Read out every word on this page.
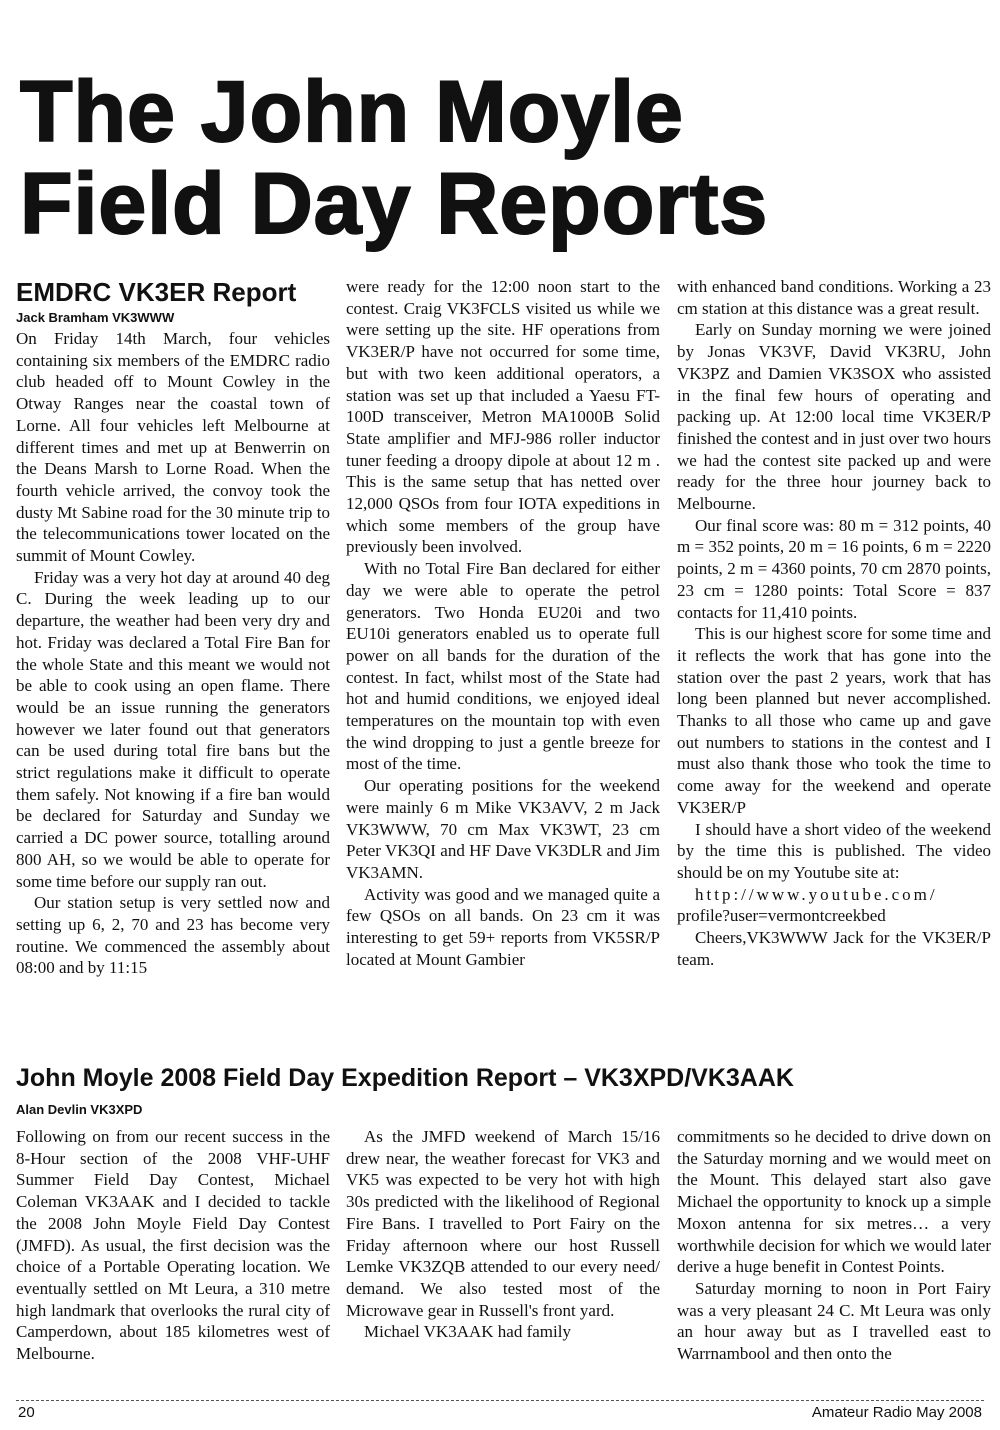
The John Moyle
Field Day Reports
EMDRC VK3ER Report
Jack Bramham VK3WWW

On Friday 14th March, four vehicles containing six members of the EMDRC radio club headed off to Mount Cowley in the Otway Ranges near the coastal town of Lorne. All four vehicles left Melbourne at different times and met up at Benwerrin on the Deans Marsh to Lorne Road. When the fourth vehicle arrived, the convoy took the dusty Mt Sabine road for the 30 minute trip to the telecommunications tower located on the summit of Mount Cowley.

Friday was a very hot day at around 40 deg C. During the week leading up to our departure, the weather had been very dry and hot. Friday was declared a Total Fire Ban for the whole State and this meant we would not be able to cook using an open flame. There would be an issue running the generators however we later found out that generators can be used during total fire bans but the strict regulations make it difficult to operate them safely. Not knowing if a fire ban would be declared for Saturday and Sunday we carried a DC power source, totalling around 800 AH, so we would be able to operate for some time before our supply ran out.

Our station setup is very settled now and setting up 6, 2, 70 and 23 has become very routine. We commenced the assembly about 08:00 and by 11:15

were ready for the 12:00 noon start to the contest. Craig VK3FCLS visited us while we were setting up the site. HF operations from VK3ER/P have not occurred for some time, but with two keen additional operators, a station was set up that included a Yaesu FT-100D transceiver, Metron MA1000B Solid State amplifier and MFJ-986 roller inductor tuner feeding a droopy dipole at about 12 m . This is the same setup that has netted over 12,000 QSOs from four IOTA expeditions in which some members of the group have previously been involved.

With no Total Fire Ban declared for either day we were able to operate the petrol generators. Two Honda EU20i and two EU10i generators enabled us to operate full power on all bands for the duration of the contest. In fact, whilst most of the State had hot and humid conditions, we enjoyed ideal temperatures on the mountain top with even the wind dropping to just a gentle breeze for most of the time.

Our operating positions for the weekend were mainly 6 m Mike VK3AVV, 2 m Jack VK3WWW, 70 cm Max VK3WT, 23 cm Peter VK3QI and HF Dave VK3DLR and Jim VK3AMN.

Activity was good and we managed quite a few QSOs on all bands. On 23 cm it was interesting to get 59+ reports from VK5SR/P located at Mount Gambier

with enhanced band conditions. Working a 23 cm station at this distance was a great result.

Early on Sunday morning we were joined by Jonas VK3VF, David VK3RU, John VK3PZ and Damien VK3SOX who assisted in the final few hours of operating and packing up. At 12:00 local time VK3ER/P finished the contest and in just over two hours we had the contest site packed up and were ready for the three hour journey back to Melbourne.

Our final score was: 80 m = 312 points, 40 m = 352 points, 20 m = 16 points, 6 m = 2220 points, 2 m = 4360 points, 70 cm 2870 points, 23 cm = 1280 points: Total Score = 837 contacts for 11,410 points.

This is our highest score for some time and it reflects the work that has gone into the station over the past 2 years, work that has long been planned but never accomplished. Thanks to all those who came up and gave out numbers to stations in the contest and I must also thank those who took the time to come away for the weekend and operate VK3ER/P

I should have a short video of the weekend by the time this is published. The video should be on my Youtube site at:

http://www.youtube.com/

profile?user=vermontcreekbed

Cheers,VK3WWW Jack for the VK3ER/P team.

John Moyle 2008 Field Day Expedition Report – VK3XPD/VK3AAK
Alan Devlin VK3XPD

Following on from our recent success in the 8-Hour section of the 2008 VHF-UHF Summer Field Day Contest, Michael Coleman VK3AAK and I decided to tackle the 2008 John Moyle Field Day Contest (JMFD). As usual, the first decision was the choice of a Portable Operating location. We eventually settled on Mt Leura, a 310 metre high landmark that overlooks the rural city of Camperdown, about 185 kilometres west of Melbourne.

As the JMFD weekend of March 15/16 drew near, the weather forecast for VK3 and VK5 was expected to be very hot with high 30s predicted with the likelihood of Regional Fire Bans. I travelled to Port Fairy on the Friday afternoon where our host Russell Lemke VK3ZQB attended to our every need/ demand. We also tested most of the Microwave gear in Russell's front yard.

Michael VK3AAK had family

commitments so he decided to drive down on the Saturday morning and we would meet on the Mount. This delayed start also gave Michael the opportunity to knock up a simple Moxon antenna for six metres… a very worthwhile decision for which we would later derive a huge benefit in Contest Points.

Saturday morning to noon in Port Fairy was a very pleasant 24 C. Mt Leura was only an hour away but as I travelled east to Warrnambool and then onto the

20	Amateur Radio May 2008
